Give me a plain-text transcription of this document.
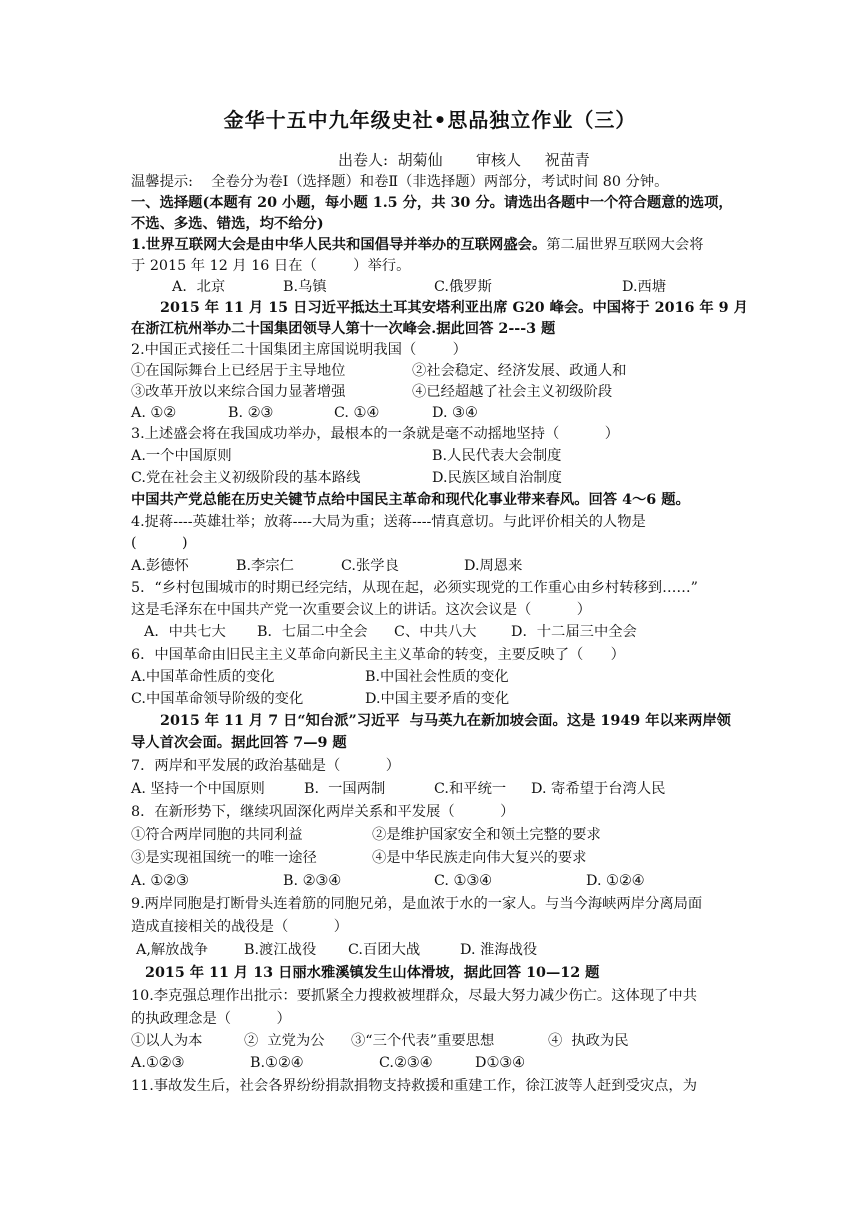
金华十五中九年级史社•思品独立作业（三）
出卷人:  胡菊仙       审核人     祝苗青
温馨提示:    全卷分为卷Ⅰ（选择题）和卷Ⅱ（非选择题）两部分，考试时间 80 分钟。
一、选择题(本题有 20 小题，每小题 1.5 分，共 30 分。请选出各题中一个符合题意的选项，
不选、多选、错选，均不给分)
1.世界互联网大会是由中华人民共和国倡导并举办的互联网盛会。第二届世界互联网大会将
于 2015 年 12 月 16 日在（        ）举行。
A．北京	B.乌镇	C.俄罗斯	D.西塘
2015 年 11 月 15 日习近平抵达土耳其安塔利亚出席 G20 峰会。中国将于 2016 年 9 月
在浙江杭州举办二十国集团领导人第十一次峰会.据此回答 2---3 题
2.中国正式接任二十国集团主席国说明我国（        ）
①在国际舞台上已经居于主导地位	②社会稳定、经济发展、政通人和
③改革开放以来综合国力显著增强	④已经超越了社会主义初级阶段
A. ①②	B. ②③	C. ①④	D. ③④
3.上述盛会将在我国成功举办，最根本的一条就是毫不动摇地坚持（          ）
A.一个中国原则	B.人民代表大会制度
C.党在社会主义初级阶段的基本路线	D.民族区域自治制度
中国共产党总能在历史关键节点给中国民主革命和现代化事业带来春风。回答 4～6 题。
4.捉蒋----英雄壮举；放蒋----大局为重；送蒋----情真意切。与此评价相关的人物是
(          )
A.彭德怀	B.李宗仁	C.张学良	D.周恩来
5．“乡村包围城市的时期已经完结，从现在起，必须实现党的工作重心由乡村转移到……”
这是毛泽东在中国共产党一次重要会议上的讲话。这次会议是（          ）
A．中共七大 B．七届二中全会 C、中共八大 D．十二届三中全会
6．中国革命由旧民主主义革命向新民主主义革命的转变，主要反映了（      ）
A.中国革命性质的变化	B.中国社会性质的变化
C.中国革命领导阶级的变化	D.中国主要矛盾的变化
2015 年 11 月 7 日“知台派”习近平  与马英九在新加坡会面。这是 1949 年以来两岸领
导人首次会面。据此回答 7—9 题
7．两岸和平发展的政治基础是（          ）
A. 坚持一个中国原则	B.  一国两制	C.和平统一 D. 寄希望于台湾人民
8．在新形势下，继续巩固深化两岸关系和平发展（          ）
①符合两岸同胞的共同利益	②是维护国家安全和领土完整的要求
③是实现祖国统一的唯一途径	④是中华民族走向伟大复兴的要求
A. ①②③	B. ②③④	C. ①③④	D. ①②④
9.两岸同胞是打断骨头连着筋的同胞兄弟，是血浓于水的一家人。与当今海峡两岸分离局面
造成直接相关的战役是（          ）
A,解放战争	B.渡江战役 C.百团大战	D. 淮海战役
2015 年 11 月 13 日丽水雅溪镇发生山体滑坡，据此回答 10—12 题
10.李克强总理作出批示：要抓紧全力搜救被埋群众，尽最大努力减少伤亡。这体现了中共
的执政理念是（          ）
①以人为本	②  立党为公 ③“三个代表”重要思想	④  执政为民
A.①②③	B.①②④	C.②③④	D①③④
11.事故发生后，社会各界纷纷捐款捐物支持救援和重建工作，徐江波等人赶到受灾点，为
